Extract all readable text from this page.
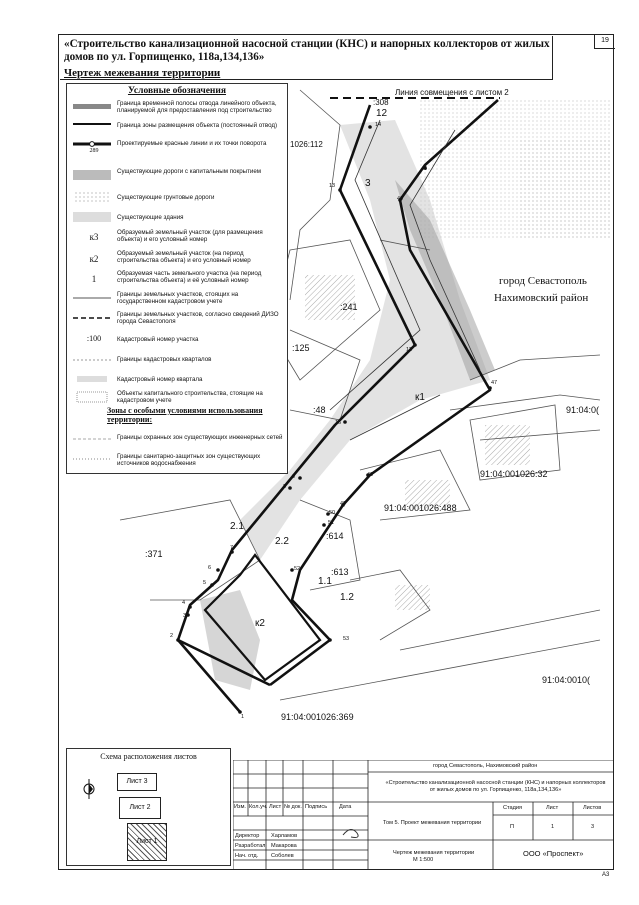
«Строительство канализационной насосной станции (КНС) и напорных коллекторов от жилых домов по ул. Горпищенко, 118а,134,136»
Чертеж межевания территории
19
Линия совмещения с листом 2
город Севастополь
Нахимовский район
:308
1026:112
:241
:125
:48
:614
:613
:371
к1
к2
3
12
2.1
2.2
1.1
1.2
91:04:0(
91:04:001026:32
91:04:001026:488
91:04:0010(
91:04:001026:369
14
13
45
46
12
47
16
48
9
8
49
50
51
52
7
6
5
4
3
2	53
1
Условные обозначения
289
к3
к2
1
:100
Граница временной полосы отвода линейного объекта, планируемой для предоставления под строительство
Граница зоны размещения объекта (постоянный отвод)
Проектируемые красные линии и их точки поворота
Существующие дороги с капитальным покрытием
Существующие грунтовые дороги
Существующие здания
Образуемый земельный участок (для размещения объекта) и его условный номер
Образуемый земельный участок (на период строительства объекта) и его условный номер
Образуемая часть земельного участка (на период строительства объекта) и её условный номер
Границы земельных участков, стоящих на государственном кадастровом учете
Границы земельных участков, согласно сведений ДИЗО города Севастополя
Кадастровый номер участка
Границы кадастровых кварталов
Кадастровый номер квартала
Объекты капитального строительства, стоящие на кадастровом учете
Зоны с особыми условиями использования территории:
Границы охранных зон существующих инженерных сетей
Границы санитарно-защитных зон существующих источников водоснабжения
Схема расположения листов
Лист 3
Лист 2
Лист 1
Изм. Кол.уч. Лист № док. Подпись Дата
Директор Харламов
Разработал Макарова
Нач. отд. Соболев
город Севастополь, Нахимовский район
«Строительство канализационной насосной станции (КНС) и напорных коллекторов от жилых домов по ул. Горпищенко, 118а,134,136»
Том 5. Проект межевания территории
Чертеж межевания территории
М 1:500
Стадия	Лист	Листов
П	1	3
ООО «Проспект»
А3
